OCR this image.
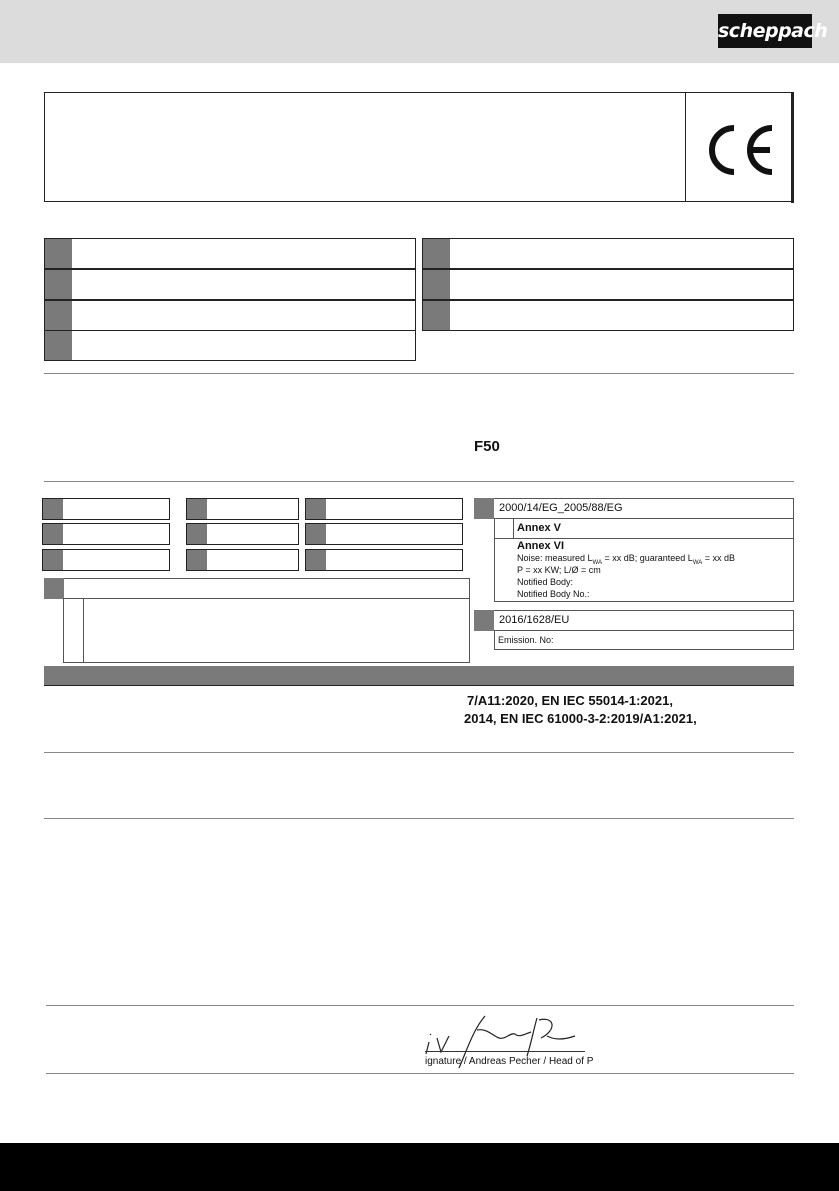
scheppach
F50
2000/14/EG_2005/88/EG
Annex V
Annex VI
Noise: measured $L_{WA}$ = xx dB; guaranteed $L_{WA}$ = xx dB
P = xx KW; L/Ø = cm
Notified Body:
Notified Body No.:
2016/1628/EU
Emission. No:
7/A11:2020, EN IEC 55014-1:2021,
2014, EN IEC 61000-3-2:2019/A1:2021,
ignature / Andreas Pecher / Head of P
